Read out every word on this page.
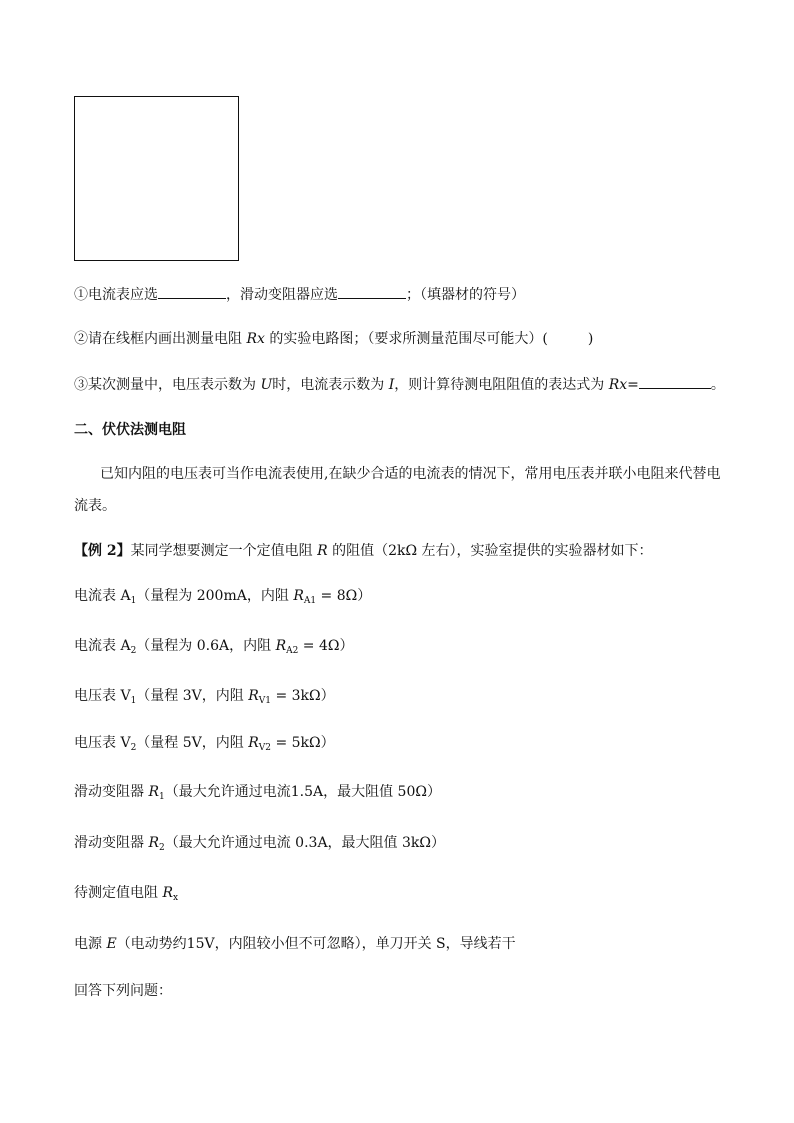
①电流表应选	，滑动变阻器应选	；（填器材的符号）
②请在线框内画出测量电阻 Rx 的实验电路图；（要求所测量范围尽可能大）(	)
③某次测量中，电压表示数为 U时，电流表示数为 I，则计算待测电阻阻值的表达式为 Rx=	。
二、伏伏法测电阻
已知内阻的电压表可当作电流表使用,在缺少合适的电流表的情况下，常用电压表并联小电阻来代替电
流表。
【例 2】某同学想要测定一个定值电阻 R 的阻值（2kΩ 左右），实验室提供的实验器材如下：
电流表 $A_1$（量程为 200mA，内阻 $R_{A1} = 8\Omega$）
电流表 $A_2$（量程为 0.6A，内阻 $R_{A2} = 4\Omega$）
电压表 $V_1$（量程 3V，内阻 $R_{V1} = 3k\Omega$）
电压表 $V_2$（量程 5V，内阻 $R_{V2} = 5k\Omega$）
滑动变阻器 $R_1$（最大允许通过电流1.5A，最大阻值 50Ω）
滑动变阻器 $R_2$（最大允许通过电流 0.3A，最大阻值 3kΩ）
待测定值电阻 $R_x$
电源 E（电动势约15V，内阻较小但不可忽略），单刀开关 S，导线若干
回答下列问题：
